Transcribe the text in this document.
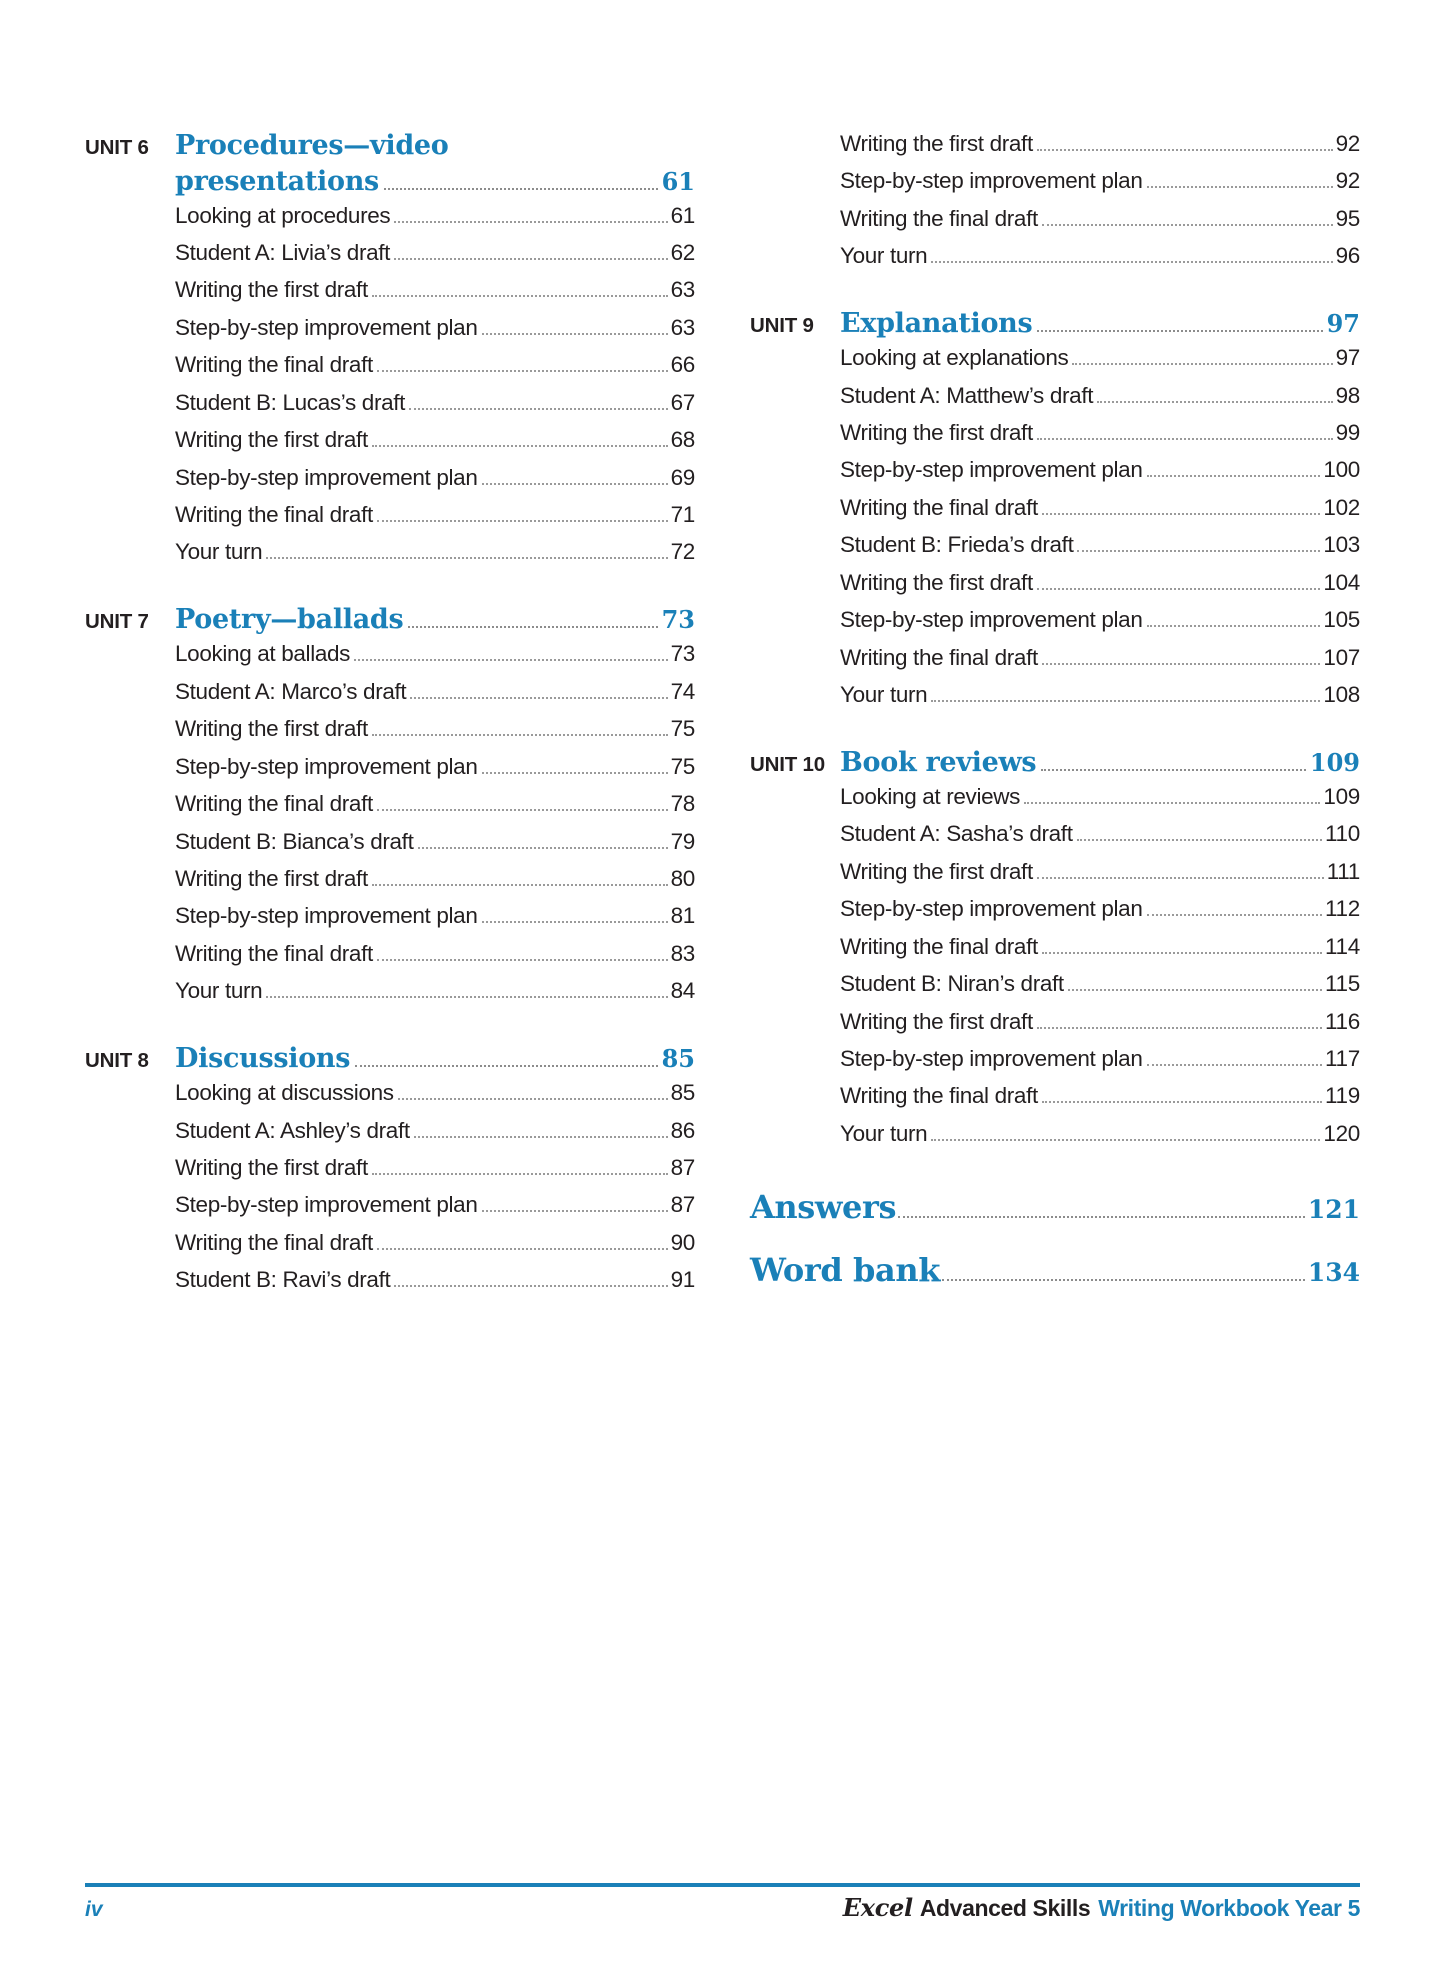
UNIT 6 Procedures—video
presentations	61
Looking at procedures	61
Student A: Livia’s draft	62
Writing the first draft	63
Step-by-step improvement plan	63
Writing the final draft	66
Student B: Lucas’s draft	67
Writing the first draft	68
Step-by-step improvement plan	69
Writing the final draft	71
Your turn	72
UNIT 7 Poetry—ballads	73
Looking at ballads	73
Student A: Marco’s draft	74
Writing the first draft	75
Step-by-step improvement plan	75
Writing the final draft	78
Student B: Bianca’s draft	79
Writing the first draft	80
Step-by-step improvement plan	81
Writing the final draft	83
Your turn	84
UNIT 8 Discussions	85
Looking at discussions	85
Student A: Ashley’s draft	86
Writing the first draft	87
Step-by-step improvement plan	87
Writing the final draft	90
Student B: Ravi’s draft	91
Writing the first draft	92
Step-by-step improvement plan	92
Writing the final draft	95
Your turn	96
UNIT 9 Explanations	97
Looking at explanations	97
Student A: Matthew’s draft	98
Writing the first draft	99
Step-by-step improvement plan	100
Writing the final draft	102
Student B: Frieda’s draft	103
Writing the first draft	104
Step-by-step improvement plan	105
Writing the final draft	107
Your turn	108
UNIT 10 Book reviews	109
Looking at reviews	109
Student A: Sasha’s draft	110
Writing the first draft	111
Step-by-step improvement plan	112
Writing the final draft	114
Student B: Niran’s draft	115
Writing the first draft	116
Step-by-step improvement plan	117
Writing the final draft	119
Your turn	120
Answers	121
Word bank	134
iv	Excel Advanced Skills Writing Workbook Year 5
